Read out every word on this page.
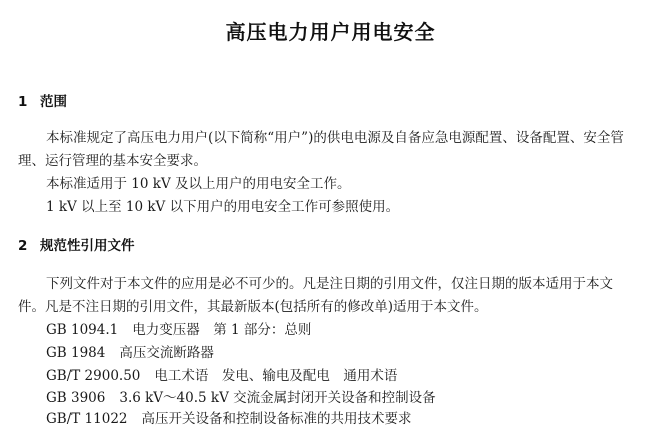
高压电力用户用电安全
1 范围
本标准规定了高压电力用户(以下简称“用户”)的供电电源及自备应急电源配置、设备配置、安全管
理、运行管理的基本安全要求。
本标准适用于 10 kV 及以上用户的用电安全工作。
1 kV 以上至 10 kV 以下用户的用电安全工作可参照使用。
2 规范性引用文件
下列文件对于本文件的应用是必不可少的。凡是注日期的引用文件，仅注日期的版本适用于本文
件。凡是不注日期的引用文件，其最新版本(包括所有的修改单)适用于本文件。
GB 1094.1 电力变压器　第 1 部分：总则
GB 1984 高压交流断路器
GB/T 2900.50 电工术语　发电、输电及配电　通用术语
GB 3906 3.6 kV～40.5 kV 交流金属封闭开关设备和控制设备
GB/T 11022 高压开关设备和控制设备标准的共用技术要求
